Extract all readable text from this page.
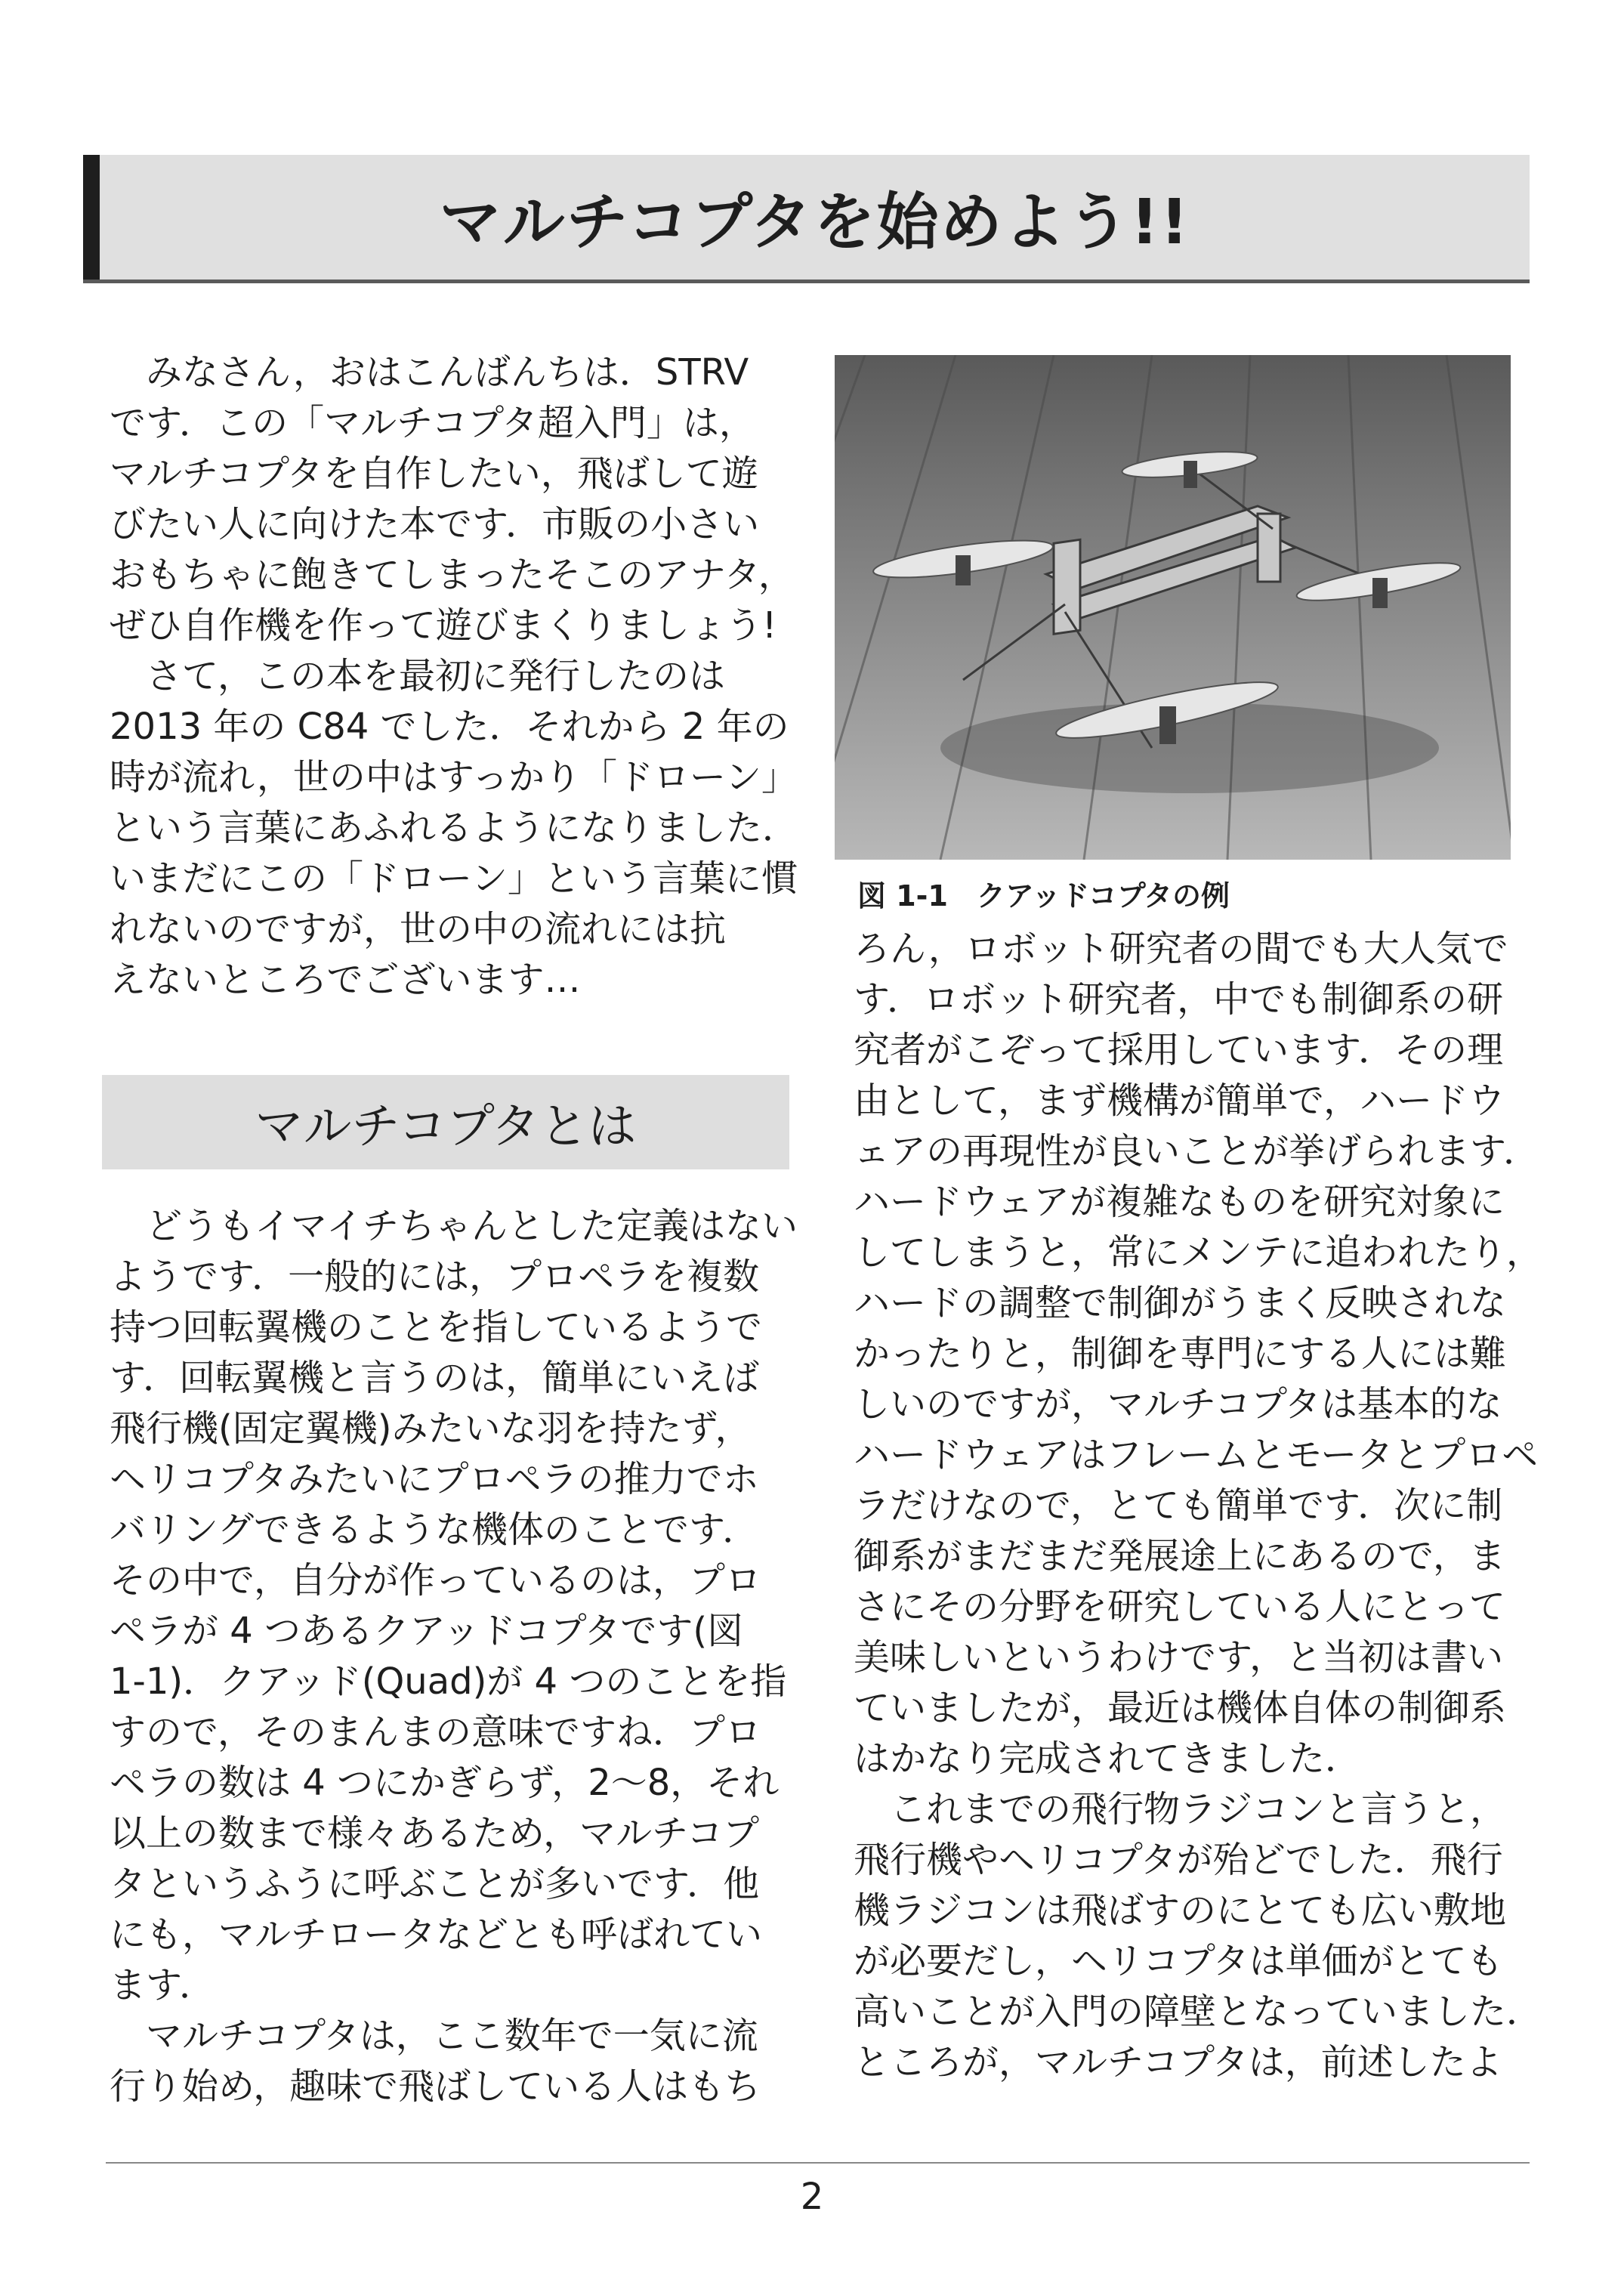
マルチコプタを始めよう!!
　みなさん，おはこんばんちは．STRV
です．この「マルチコプタ超入門」は，
マルチコプタを自作したい，飛ばして遊
びたい人に向けた本です．市販の小さい
おもちゃに飽きてしまったそこのアナタ，
ぜひ自作機を作って遊びまくりましょう!
　さて，この本を最初に発行したのは
2013 年の C84 でした．それから 2 年の
時が流れ，世の中はすっかり「ドローン」
という言葉にあふれるようになりました．
いまだにこの「ドローン」という言葉に慣
れないのですが，世の中の流れには抗
えないところでございます…
マルチコプタとは
　どうもイマイチちゃんとした定義はない
ようです．一般的には，プロペラを複数
持つ回転翼機のことを指しているようで
す．回転翼機と言うのは，簡単にいえば
飛行機(固定翼機)みたいな羽を持たず，
ヘリコプタみたいにプロペラの推力でホ
バリングできるような機体のことです．
その中で，自分が作っているのは，プロ
ペラが 4 つあるクアッドコプタです(図
1-1)．クアッド(Quad)が 4 つのことを指
すので，そのまんまの意味ですね．プロ
ペラの数は 4 つにかぎらず，2～8，それ
以上の数まで様々あるため，マルチコプ
タというふうに呼ぶことが多いです．他
にも，マルチロータなどとも呼ばれてい
ます．
　マルチコプタは，ここ数年で一気に流
行り始め，趣味で飛ばしている人はもち
図 1-1　クアッドコプタの例
ろん，ロボット研究者の間でも大人気で
す．ロボット研究者，中でも制御系の研
究者がこぞって採用しています．その理
由として，まず機構が簡単で，ハードウ
ェアの再現性が良いことが挙げられます．
ハードウェアが複雑なものを研究対象に
してしまうと，常にメンテに追われたり，
ハードの調整で制御がうまく反映されな
かったりと，制御を専門にする人には難
しいのですが，マルチコプタは基本的な
ハードウェアはフレームとモータとプロペ
ラだけなので，とても簡単です．次に制
御系がまだまだ発展途上にあるので，ま
さにその分野を研究している人にとって
美味しいというわけです，と当初は書い
ていましたが，最近は機体自体の制御系
はかなり完成されてきました．
　これまでの飛行物ラジコンと言うと，
飛行機やヘリコプタが殆どでした．飛行
機ラジコンは飛ばすのにとても広い敷地
が必要だし，ヘリコプタは単価がとても
高いことが入門の障壁となっていました．
ところが，マルチコプタは，前述したよ
2
